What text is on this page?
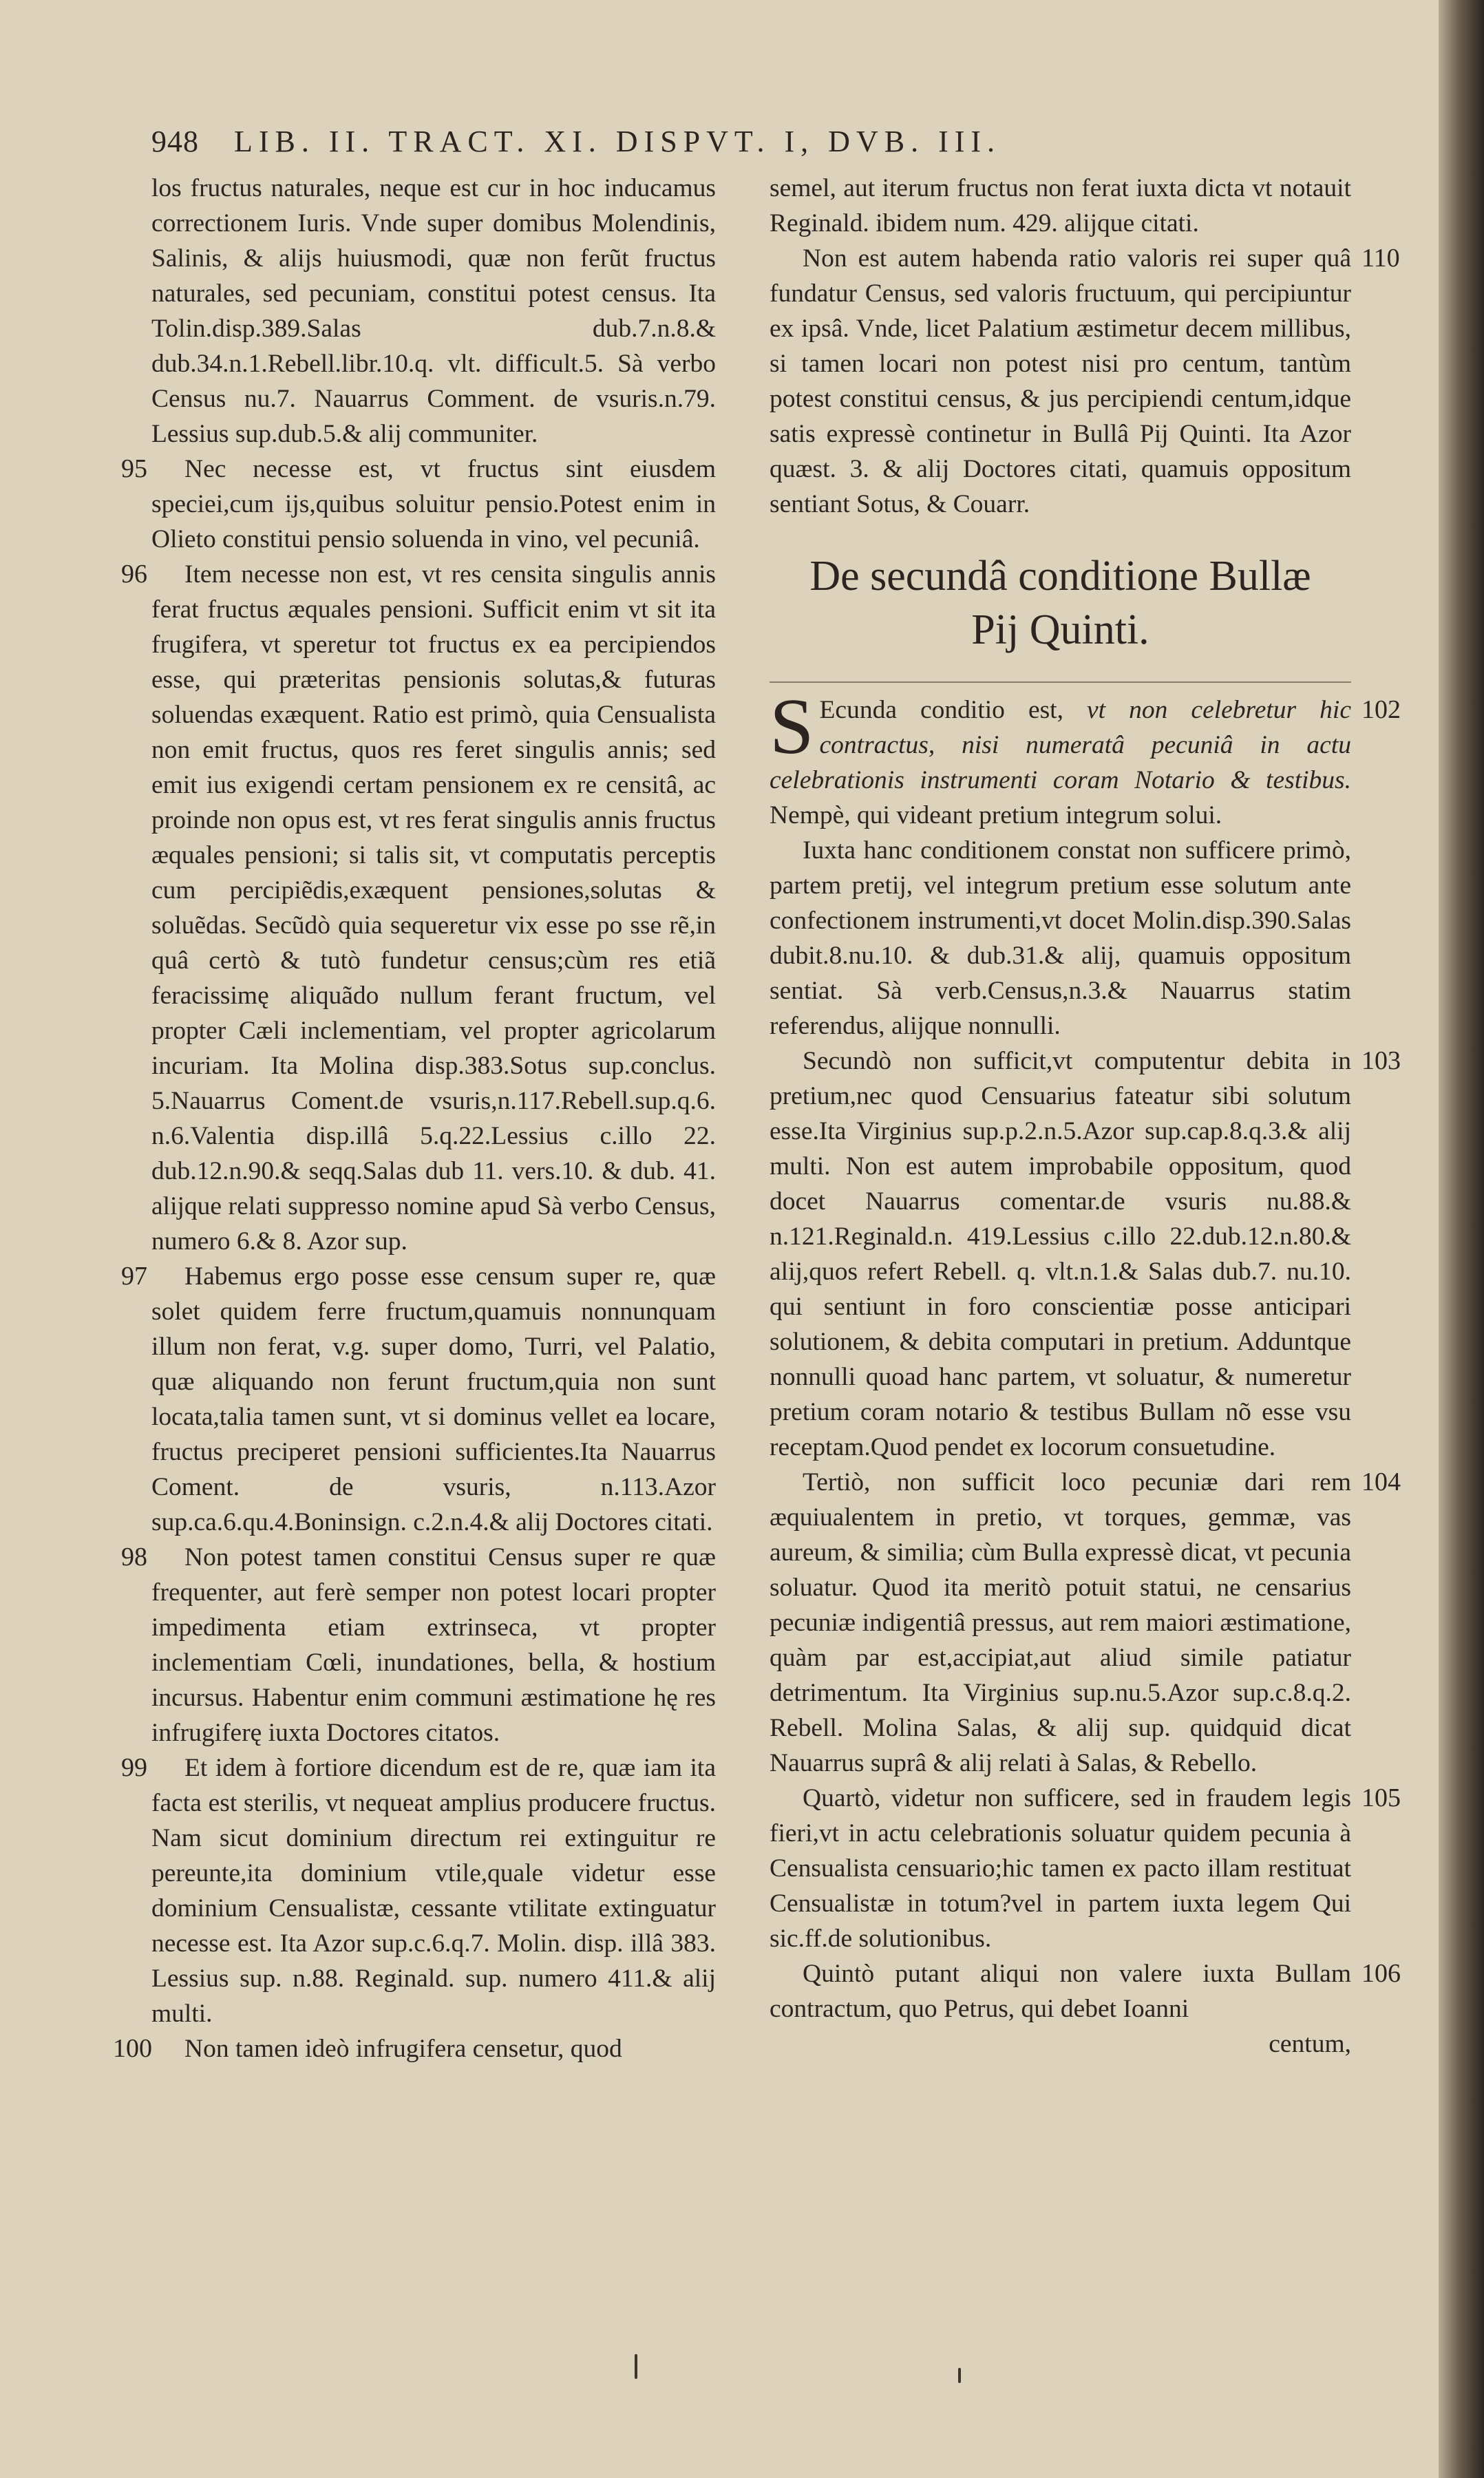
948 LIB. II. TRACT. XI. DISPVT. I, DVB. III.

los fructus naturales, neque est cur in hoc inducamus correctionem Iuris. Vnde super domibus Molendinis, Salinis, & alijs huiusmodi, quæ non ferũt fructus naturales, sed pecuniam, constitui potest census. Ita Tolin.disp.389.Salas dub.7.n.8.& dub.34.n.1.Rebell.libr.10.q. vlt. difficult.5. Sà verbo Census nu.7. Nauarrus Comment. de vsuris.n.79. Lessius sup.dub.5.& alij communiter.

95	Nec necesse est, vt fructus sint eiusdem speciei,cum ijs,quibus soluitur pensio.Potest enim in Olieto constitui pensio soluenda in vino, vel pecuniâ.

96	Item necesse non est, vt res censita singulis annis ferat fructus æquales pensioni. Sufficit enim vt sit ita frugifera, vt speretur tot fructus ex ea percipiendos esse, qui præteritas pensionis solutas,& futuras soluendas exæquent. Ratio est primò, quia Censualista non emit fructus, quos res feret singulis annis; sed emit ius exigendi certam pensionem ex re censitâ, ac proinde non opus est, vt res ferat singulis annis fructus æquales pensioni; si talis sit, vt computatis perceptis cum percipiẽdis,exæquent pensiones,solutas & soluẽdas. Secũdò quia sequeretur vix esse po sse rẽ,in quâ certò & tutò fundetur census;cùm res etiã feracissimę aliquãdo nullum ferant fructum, vel propter Cæli inclementiam, vel propter agricolarum incuriam. Ita Molina disp.383.Sotus sup.conclus. 5.Nauarrus Coment.de vsuris,n.117.Rebell.sup.q.6. n.6.Valentia disp.illâ 5.q.22.Lessius c.illo 22. dub.12.n.90.& seqq.Salas dub 11. vers.10. & dub. 41. alijque relati suppresso nomine apud Sà verbo Census, numero 6.& 8. Azor sup.

97	Habemus ergo posse esse censum super re, quæ solet quidem ferre fructum,quamuis nonnunquam illum non ferat, v.g. super domo, Turri, vel Palatio, quæ aliquando non ferunt fructum,quia non sunt locata,talia tamen sunt, vt si dominus vellet ea locare, fructus preciperet pensioni sufficientes.Ita Nauarrus Coment. de vsuris, n.113.Azor sup.ca.6.qu.4.Boninsign. c.2.n.4.& alij Doctores citati.

98	Non potest tamen constitui Census super re quæ frequenter, aut ferè semper non potest locari propter impedimenta etiam extrinseca, vt propter inclementiam Cœli, inundationes, bella, & hostium incursus. Habentur enim communi æstimatione hę res infrugiferę iuxta Doctores citatos.

99	Et idem à fortiore dicendum est de re, quæ iam ita facta est sterilis, vt nequeat amplius producere fructus. Nam sicut dominium directum rei extinguitur re pereunte,ita dominium vtile,quale videtur esse dominium Censualistæ, cessante vtilitate extinguatur necesse est. Ita Azor sup.c.6.q.7. Molin. disp. illâ 383. Lessius sup. n.88. Reginald. sup. numero 411.& alij multi.

100	Non tamen ideò infrugifera censetur, quod

semel, aut iterum fructus non ferat iuxta dicta vt notauit Reginald. ibidem num. 429. alijque citati.

110

Non est autem habenda ratio valoris rei super quâ fundatur Census, sed valoris fructuum, qui percipiuntur ex ipsâ. Vnde, licet Palatium æstimetur decem millibus, si tamen locari non potest nisi pro centum, tantùm potest constitui census, & jus percipiendi centum,idque satis expressè continetur in Bullâ Pij Quinti. Ita Azor quæst. 3. & alij Doctores citati, quamuis oppositum sentiant Sotus, & Couarr.

De secundâ conditione Bullæ
Pij Quinti.
102

S Ecunda conditio est, vt non celebretur hic contractus, nisi numeratâ pecuniâ in actu celebrationis instrumenti coram Notario & testibus. Nempè, qui videant pretium integrum solui.

Iuxta hanc conditionem constat non sufficere primò, partem pretij, vel integrum pretium esse solutum ante confectionem instrumenti,vt docet Molin.disp.390.Salas dubit.8.nu.10. & dub.31.& alij, quamuis oppositum sentiat. Sà verb.Census,n.3.& Nauarrus statim referendus, alijque nonnulli.

103

Secundò non sufficit,vt computentur debita in pretium,nec quod Censuarius fateatur sibi solutum esse.Ita Virginius sup.p.2.n.5.Azor sup.cap.8.q.3.& alij multi. Non est autem improbabile oppositum, quod docet Nauarrus comentar.de vsuris nu.88.& n.121.Reginald.n. 419.Lessius c.illo 22.dub.12.n.80.& alij,quos refert Rebell. q. vlt.n.1.& Salas dub.7. nu.10. qui sentiunt in foro conscientiæ posse anticipari solutionem, & debita computari in pretium. Adduntque nonnulli quoad hanc partem, vt soluatur, & numeretur pretium coram notario & testibus Bullam nõ esse vsu receptam.Quod pendet ex locorum consuetudine.

104

Tertiò, non sufficit loco pecuniæ dari rem æquiualentem in pretio, vt torques, gemmæ, vas aureum, & similia; cùm Bulla expressè dicat, vt pecunia soluatur. Quod ita meritò potuit statui, ne censarius pecuniæ indigentiâ pressus, aut rem maiori æstimatione, quàm par est,accipiat,aut aliud simile patiatur detrimentum. Ita Virginius sup.nu.5.Azor sup.c.8.q.2. Rebell. Molina Salas, & alij sup. quidquid dicat Nauarrus suprâ & alij relati à Salas, & Rebello.

105

Quartò, videtur non sufficere, sed in fraudem legis fieri,vt in actu celebrationis soluatur quidem pecunia à Censualista censuario;hic tamen ex pacto illam restituat Censualistæ in totum?vel in partem iuxta legem Qui sic.ff.de solutionibus.

106

Quintò putant aliqui non valere iuxta Bullam contractum, quo Petrus, qui debet Ioanni

centum,
